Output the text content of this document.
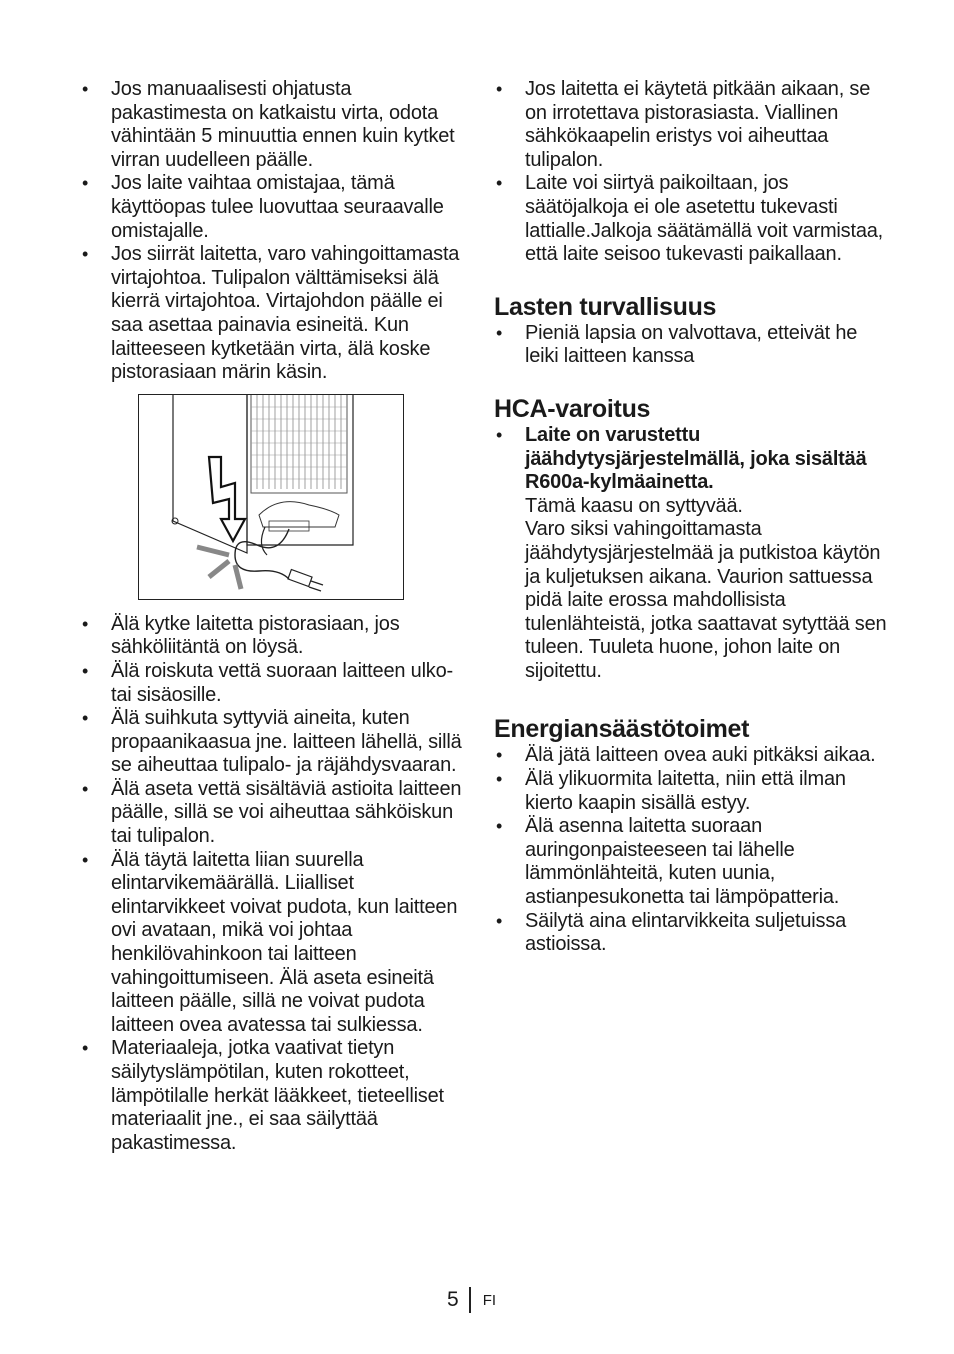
• Jos manuaalisesti ohjatusta pakastimesta on katkaistu virta, odota vähintään 5 minuuttia ennen kuin kytket virran uudelleen päälle.
• Jos laite vaihtaa omistajaa, tämä käyttöopas tulee luovuttaa seuraavalle omistajalle.
• Jos siirrät laitetta, varo vahingoittamasta virtajohtoa. Tulipalon välttämiseksi älä kierrä virtajohtoa. Virtajohdon päälle ei saa asettaa painavia esineitä. Kun laitteeseen kytketään virta, älä koske pistorasiaan märin käsin.
• Älä kytke laitetta pistorasiaan, jos sähköliitäntä on löysä.
• Älä roiskuta vettä suoraan laitteen ulko- tai sisäosille.
• Älä suihkuta syttyviä aineita, kuten propaanikaasua jne. laitteen lähellä, sillä se aiheuttaa tulipalo- ja räjähdysvaaran.
• Älä aseta vettä sisältäviä astioita laitteen päälle, sillä se voi aiheuttaa sähköiskun tai tulipalon.
• Älä täytä laitetta liian suurella elintarvikemäärällä. Liialliset elintarvikkeet voivat pudota, kun laitteen ovi avataan, mikä voi johtaa henkilövahinkoon tai laitteen vahingoittumiseen. Älä aseta esineitä laitteen päälle, sillä ne voivat pudota laitteen ovea avatessa tai sulkiessa.
• Materiaaleja, jotka vaativat tietyn säilytyslämpötilan, kuten rokotteet, lämpötilalle herkät lääkkeet, tieteelliset materiaalit jne., ei saa säilyttää pakastimessa.
• Jos laitetta ei käytetä pitkään aikaan, se on irrotettava pistorasiasta. Viallinen sähkökaapelin eristys voi aiheuttaa tulipalon.
• Laite voi siirtyä paikoiltaan, jos säätöjalkoja ei ole asetettu tukevasti lattialle.Jalkoja säätämällä voit varmistaa, että laite seisoo tukevasti paikallaan.
Lasten turvallisuus
• Pieniä lapsia on valvottava, etteivät he leiki laitteen kanssa
HCA-varoitus
• Laite on varustettu jäähdytysjärjestelmällä, joka sisältää R600a-kylmäainetta.
Tämä kaasu on syttyvää.
Varo siksi vahingoittamasta jäähdytysjärjestelmää ja putkistoa käytön ja kuljetuksen aikana. Vaurion sattuessa pidä laite erossa mahdollisista tulenlähteistä, jotka saattavat sytyttää sen tuleen. Tuuleta huone, johon laite on sijoitettu.
Energiansäästötoimet
• Älä jätä laitteen ovea auki pitkäksi aikaa.
• Älä ylikuormita laitetta, niin että ilman kierto kaapin sisällä estyy.
• Älä asenna laitetta suoraan auringonpaisteeseen tai lähelle lämmönlähteitä, kuten uunia, astianpesukonetta tai lämpöpatteria.
• Säilytä aina elintarvikkeita suljetuissa astioissa.
5 FI
